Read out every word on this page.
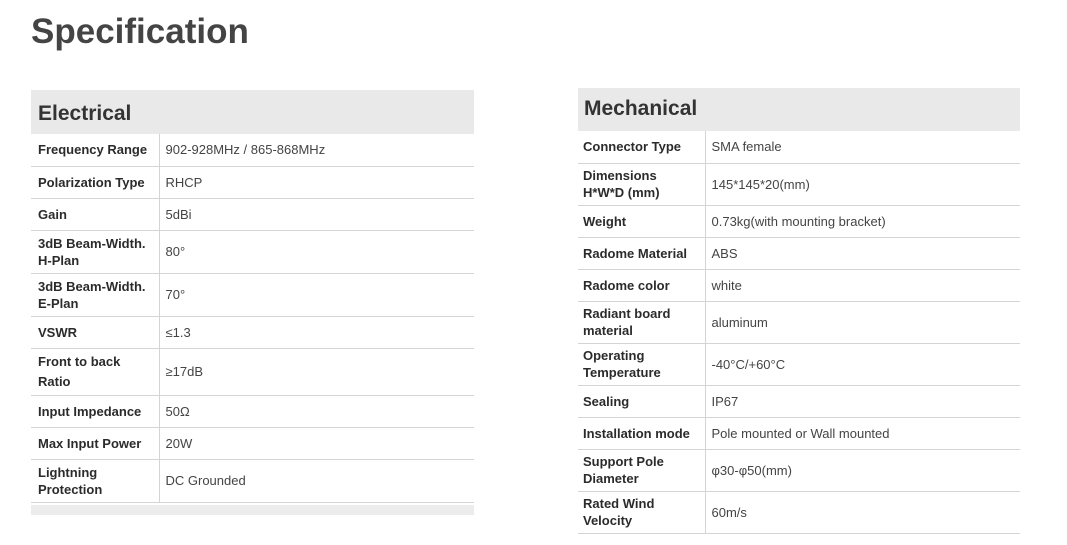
Specification
Electrical
Frequency Range	902-928MHz / 865-868MHz
Polarization Type	RHCP
Gain	5dBi
3dB Beam-Width. H-Plan	80°
3dB Beam-Width. E-Plan	70°
VSWR	≤1.3
Front to back Ratio	≥17dB
Input Impedance	50Ω
Max Input Power	20W
Lightning Protection	DC Grounded
Mechanical
Connector Type	SMA female
Dimensions H*W*D (mm)	145*145*20(mm)
Weight	0.73kg(with mounting bracket)
Radome Material	ABS
Radome color	white
Radiant board material	aluminum
Operating Temperature	-40°C/+60°C
Sealing	IP67
Installation mode	Pole mounted or Wall mounted
Support Pole Diameter	φ30-φ50(mm)
Rated Wind Velocity	60m/s
